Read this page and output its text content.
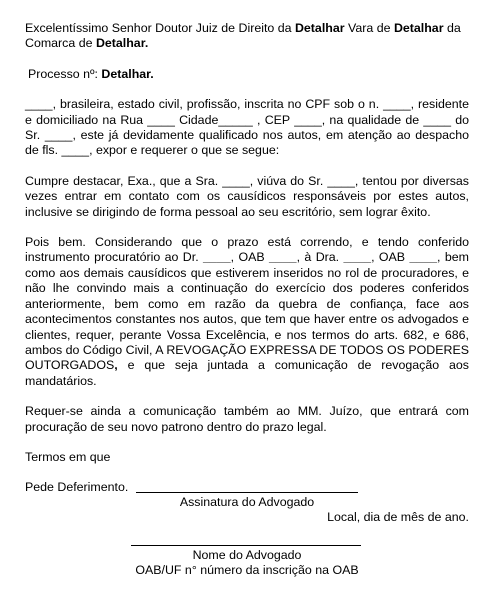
Excelentíssimo Senhor Doutor Juiz de Direito da Detalhar Vara de Detalhar da
Comarca de Detalhar.

Processo nº: Detalhar.

____, brasileira, estado civil, profissão, inscrita no CPF sob o n. ____, residente e domiciliado na Rua ____ Cidade_____ , CEP ____, na qualidade de ____ do Sr. ____, este já devidamente qualificado nos autos, em atenção ao despacho de fls. ____, expor e requerer o que se segue:

Cumpre destacar, Exa., que a Sra. ____, viúva do Sr. ____, tentou por diversas vezes entrar em contato com os causídicos responsáveis por estes autos, inclusive se dirigindo de forma pessoal ao seu escritório, sem lograr êxito.

Pois bem. Considerando que o prazo está correndo, e tendo conferido instrumento procuratório ao Dr. ____, OAB ____, à Dra. ____, OAB ____, bem como aos demais causídicos que estiverem inseridos no rol de procuradores, e não lhe convindo mais a continuação do exercício dos poderes conferidos anteriormente, bem como em razão da quebra de confiança, face aos acontecimentos constantes nos autos, que tem que haver entre os advogados e clientes, requer, perante Vossa Excelência, e nos termos do arts. 682, e 686, ambos do Código Civil, A REVOGAÇÃO EXPRESSA DE TODOS OS PODERES OUTORGADOS, e que seja juntada a comunicação de revogação aos mandatários.

Requer-se ainda a comunicação também ao MM. Juízo, que entrará com procuração de seu novo patrono dentro do prazo legal.

Termos em que

Pede Deferimento.

Local, dia de mês de ano.

Assinatura do Advogado
Nome do Advogado
OAB/UF n° número da inscrição na OAB
